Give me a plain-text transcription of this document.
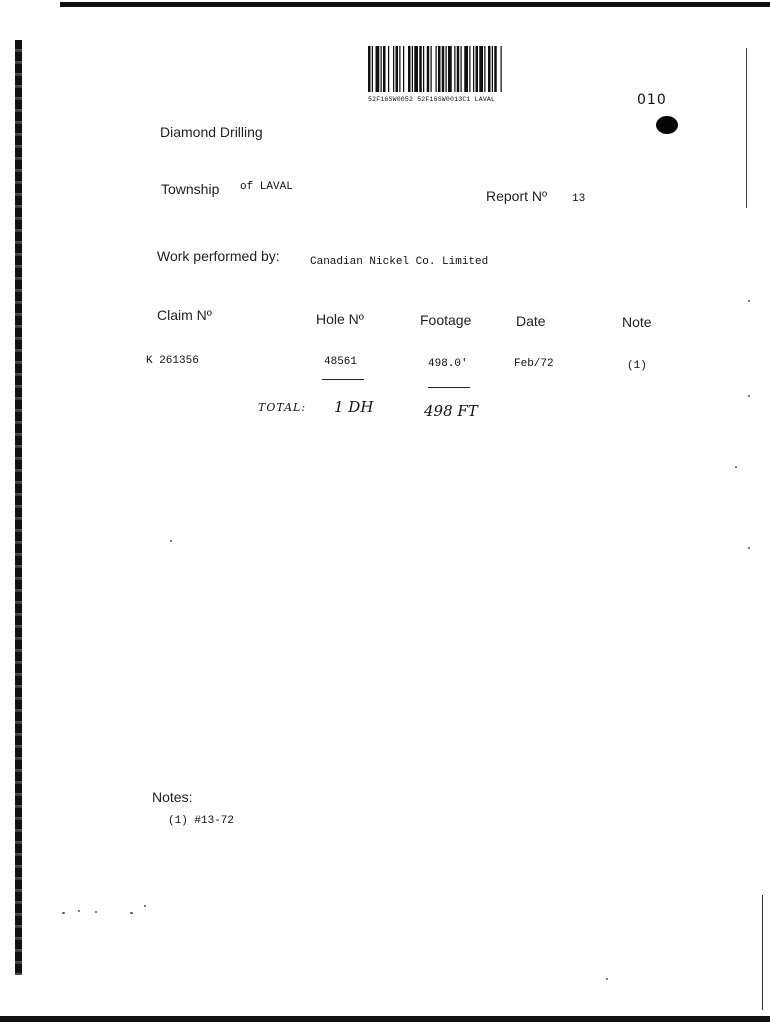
52F16SW0052 52F16SW0013C1 LAVAL	010
Diamond Drilling
Township of LAVAL
Report Nº 13
Work performed by:	Canadian Nickel Co. Limited
Claim Nº	Hole Nº	Footage	Date	Note
K 261356	48561	498.0'	Feb/72	(1)
TOTAL: 1 DH	498 FT
Notes:
(1) #13-72
